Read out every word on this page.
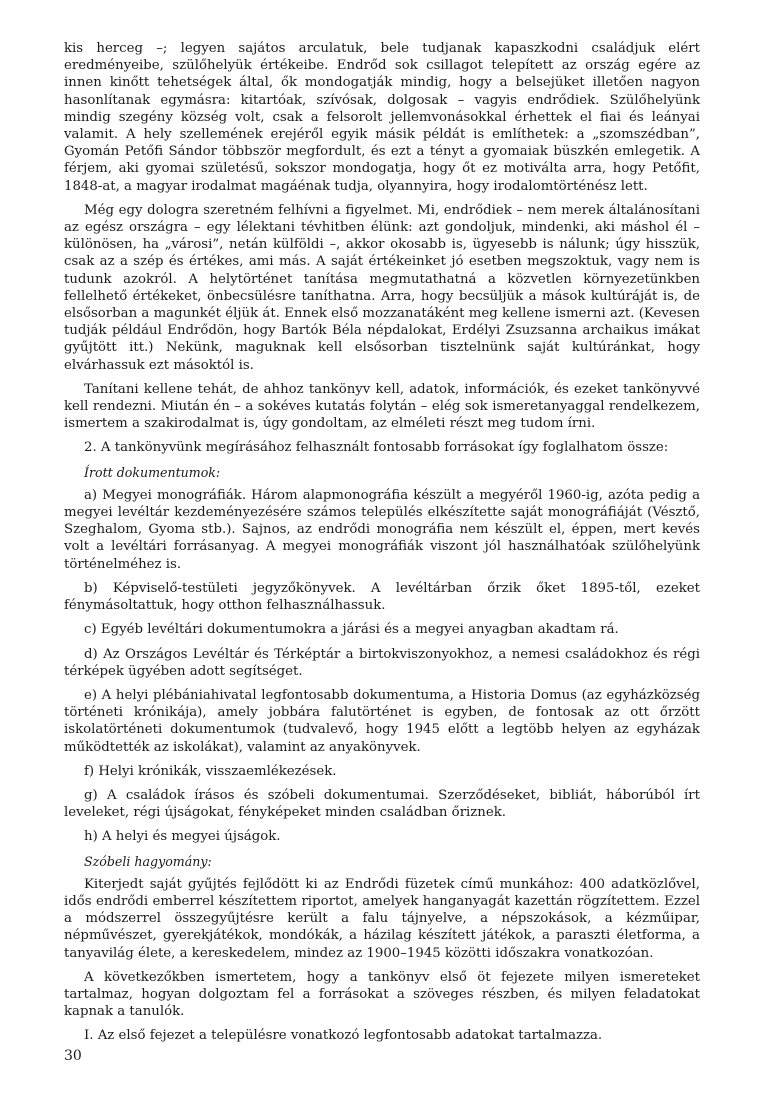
kis herceg –; legyen sajátos arculatuk, bele tudjanak kapaszkodni családjuk elért eredményeibe, szülőhelyük értékeibe. Endrőd sok csillagot telepített az ország egére az innen kinőtt tehetségek által, ők mondogatják mindig, hogy a belsejüket illetően nagyon hasonlítanak egymásra: kitartóak, szívósak, dolgosak – vagyis endrődiek. Szülőhelyünk mindig szegény község volt, csak a felsorolt jellemvonásokkal érhettek el fiai és leányai valamit. A hely szellemének erejéről egyik másik példát is említhetek: a „szomszédban”, Gyomán Petőfi Sándor többször megfordult, és ezt a tényt a gyomaiak büszkén emlegetik. A férjem, aki gyomai születésű, sokszor mondogatja, hogy őt ez motiválta arra, hogy Petőfit, 1848-at, a magyar irodalmat magáénak tudja, olyannyira, hogy irodalomtörténész lett.

Még egy dologra szeretném felhívni a figyelmet. Mi, endrődiek – nem merek általánosítani az egész országra – egy lélektani tévhitben élünk: azt gondoljuk, mindenki, aki máshol él – különösen, ha „városi”, netán külföldi –, akkor okosabb is, ügyesebb is nálunk; úgy hisszük, csak az a szép és értékes, ami más. A saját értékeinket jó esetben megszoktuk, vagy nem is tudunk azokról. A helytörténet tanítása megmutathatná a közvetlen környezetünkben fellelhető értékeket, önbecsülésre taníthatna. Arra, hogy becsüljük a mások kultúráját is, de elsősorban a magunkét éljük át. Ennek első mozzanatáként meg kellene ismerni azt. (Kevesen tudják például Endrődön, hogy Bartók Béla népdalokat, Erdélyi Zsuzsanna archaikus imákat gyűjtött itt.) Nekünk, maguknak kell elsősorban tisztelnünk saját kultúránkat, hogy elvárhassuk ezt másoktól is.

Tanítani kellene tehát, de ahhoz tankönyv kell, adatok, információk, és ezeket tankönyvvé kell rendezni. Miután én – a sokéves kutatás folytán – elég sok ismeretanyaggal rendelkezem, ismertem a szakirodalmat is, úgy gondoltam, az elméleti részt meg tudom írni.

2. A tankönyvünk megírásához felhasznált fontosabb forrásokat így foglalhatom össze:

Írott dokumentumok:

a) Megyei monográfiák. Három alapmonográfia készült a megyéről 1960-ig, azóta pedig a megyei levéltár kezdeményezésére számos település elkészítette saját monográfiáját (Vésztő, Szeghalom, Gyoma stb.). Sajnos, az endrődi monográfia nem készült el, éppen, mert kevés volt a levéltári forrásanyag. A megyei monográfiák viszont jól használhatóak szülőhelyünk történelméhez is.

b) Képviselő-testületi jegyzőkönyvek. A levéltárban őrzik őket 1895-től, ezeket fénymásoltattuk, hogy otthon felhasználhassuk.

c) Egyéb levéltári dokumentumokra a járási és a megyei anyagban akadtam rá.

d) Az Országos Levéltár és Térképtár a birtokviszonyokhoz, a nemesi családokhoz és régi térképek ügyében adott segítséget.

e) A helyi plébániahivatal legfontosabb dokumentuma, a Historia Domus (az egyházközség történeti krónikája), amely jobbára falutörténet is egyben, de fontosak az ott őrzött iskolatörténeti dokumentumok (tudvalevő, hogy 1945 előtt a legtöbb helyen az egyházak működtették az iskolákat), valamint az anyakönyvek.

f) Helyi krónikák, visszaemlékezések.

g) A családok írásos és szóbeli dokumentumai. Szerződéseket, bibliát, háborúból írt leveleket, régi újságokat, fényképeket minden családban őriznek.

h) A helyi és megyei újságok.

Szóbeli hagyomány:

Kiterjedt saját gyűjtés fejlődött ki az Endrődi füzetek című munkához: 400 adatközlővel, idős endrődi emberrel készítettem riportot, amelyek hanganyagát kazettán rögzítettem. Ezzel a módszerrel összegyűjtésre került a falu tájnyelve, a népszokások, a kézműipar, népművészet, gyerekjátékok, mondókák, a házilag készített játékok, a paraszti életforma, a tanyavilág élete, a kereskedelem, mindez az 1900–1945 közötti időszakra vonatkozóan.

A következőkben ismertetem, hogy a tankönyv első öt fejezete milyen ismereteket tartalmaz, hogyan dolgoztam fel a forrásokat a szöveges részben, és milyen feladatokat kapnak a tanulók.

I. Az első fejezet a településre vonatkozó legfontosabb adatokat tartalmazza.

30
